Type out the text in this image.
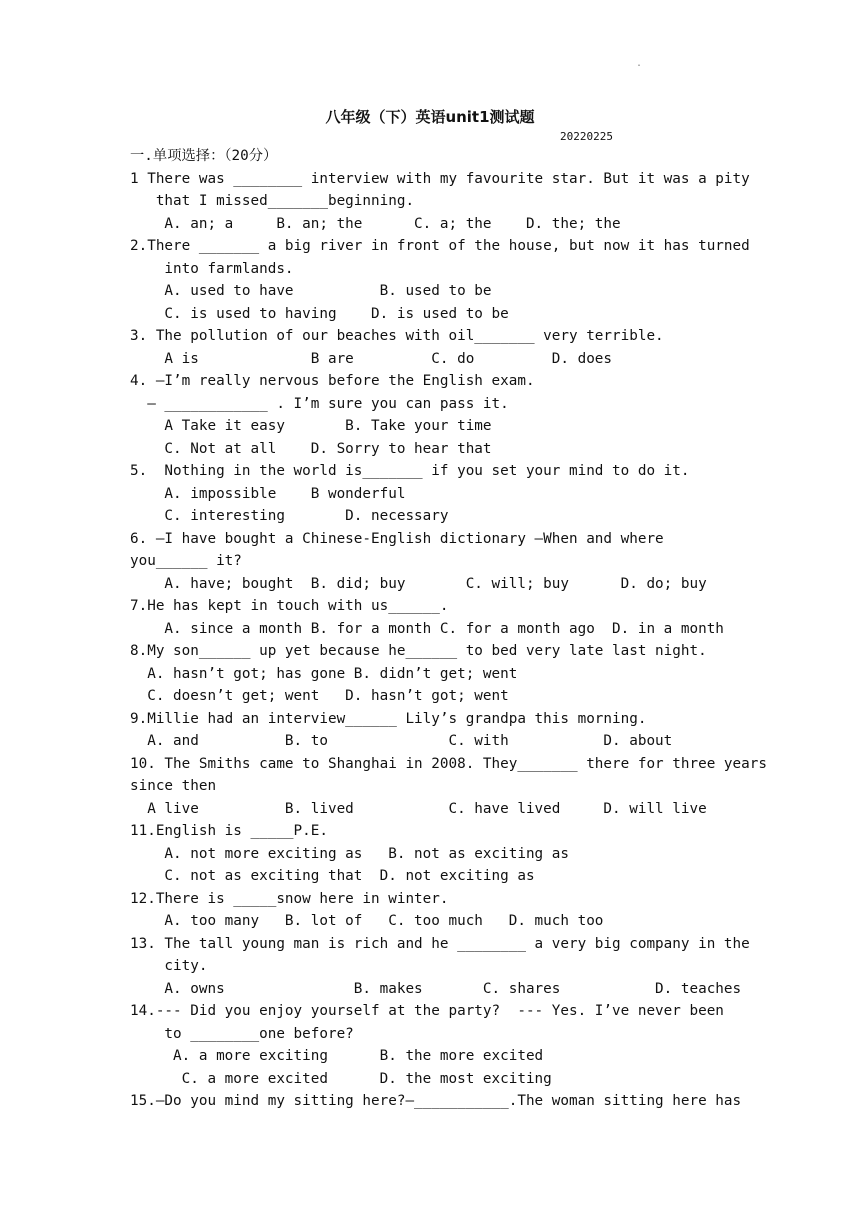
.
八年级（下）英语unit1测试题
20220225
一.单项选择：（20分）
1 There was ________ interview with my favourite star. But it was a pity
that I missed_______beginning.
A. an; a     B. an; the      C. a; the    D. the; the
2.There _______ a big river in front of the house, but now it has turned
into farmlands.
A. used to have          B. used to be
C. is used to having    D. is used to be
3. The pollution of our beaches with oil_______ very terrible.
A is             B are         C. do         D. does
4. —I’m really nervous before the English exam.
— ____________ . I’m sure you can pass it.
A Take it easy       B. Take your time
C. Not at all    D. Sorry to hear that
5.  Nothing in the world is_______ if you set your mind to do it.
A. impossible    B wonderful
C. interesting       D. necessary
6. —I have bought a Chinese-English dictionary —When and where
you______ it?
A. have; bought  B. did; buy       C. will; buy      D. do; buy
7.He has kept in touch with us______.
A. since a month B. for a month C. for a month ago  D. in a month
8.My son______ up yet because he______ to bed very late last night.
A. hasn’t got; has gone B. didn’t get; went
C. doesn’t get; went   D. hasn’t got; went
9.Millie had an interview______ Lily’s grandpa this morning.
A. and          B. to              C. with           D. about
10. The Smiths came to Shanghai in 2008. They_______ there for three years
since then
A live          B. lived           C. have lived     D. will live
11.English is _____P.E.
A. not more exciting as   B. not as exciting as
C. not as exciting that  D. not exciting as
12.There is _____snow here in winter.
A. too many   B. lot of   C. too much   D. much too
13. The tall young man is rich and he ________ a very big company in the
city.
A. owns               B. makes       C. shares           D. teaches
14.--- Did you enjoy yourself at the party?  --- Yes. I’ve never been
to ________one before?
A. a more exciting      B. the more excited
C. a more excited      D. the most exciting
15.—Do you mind my sitting here?—___________.The woman sitting here has
